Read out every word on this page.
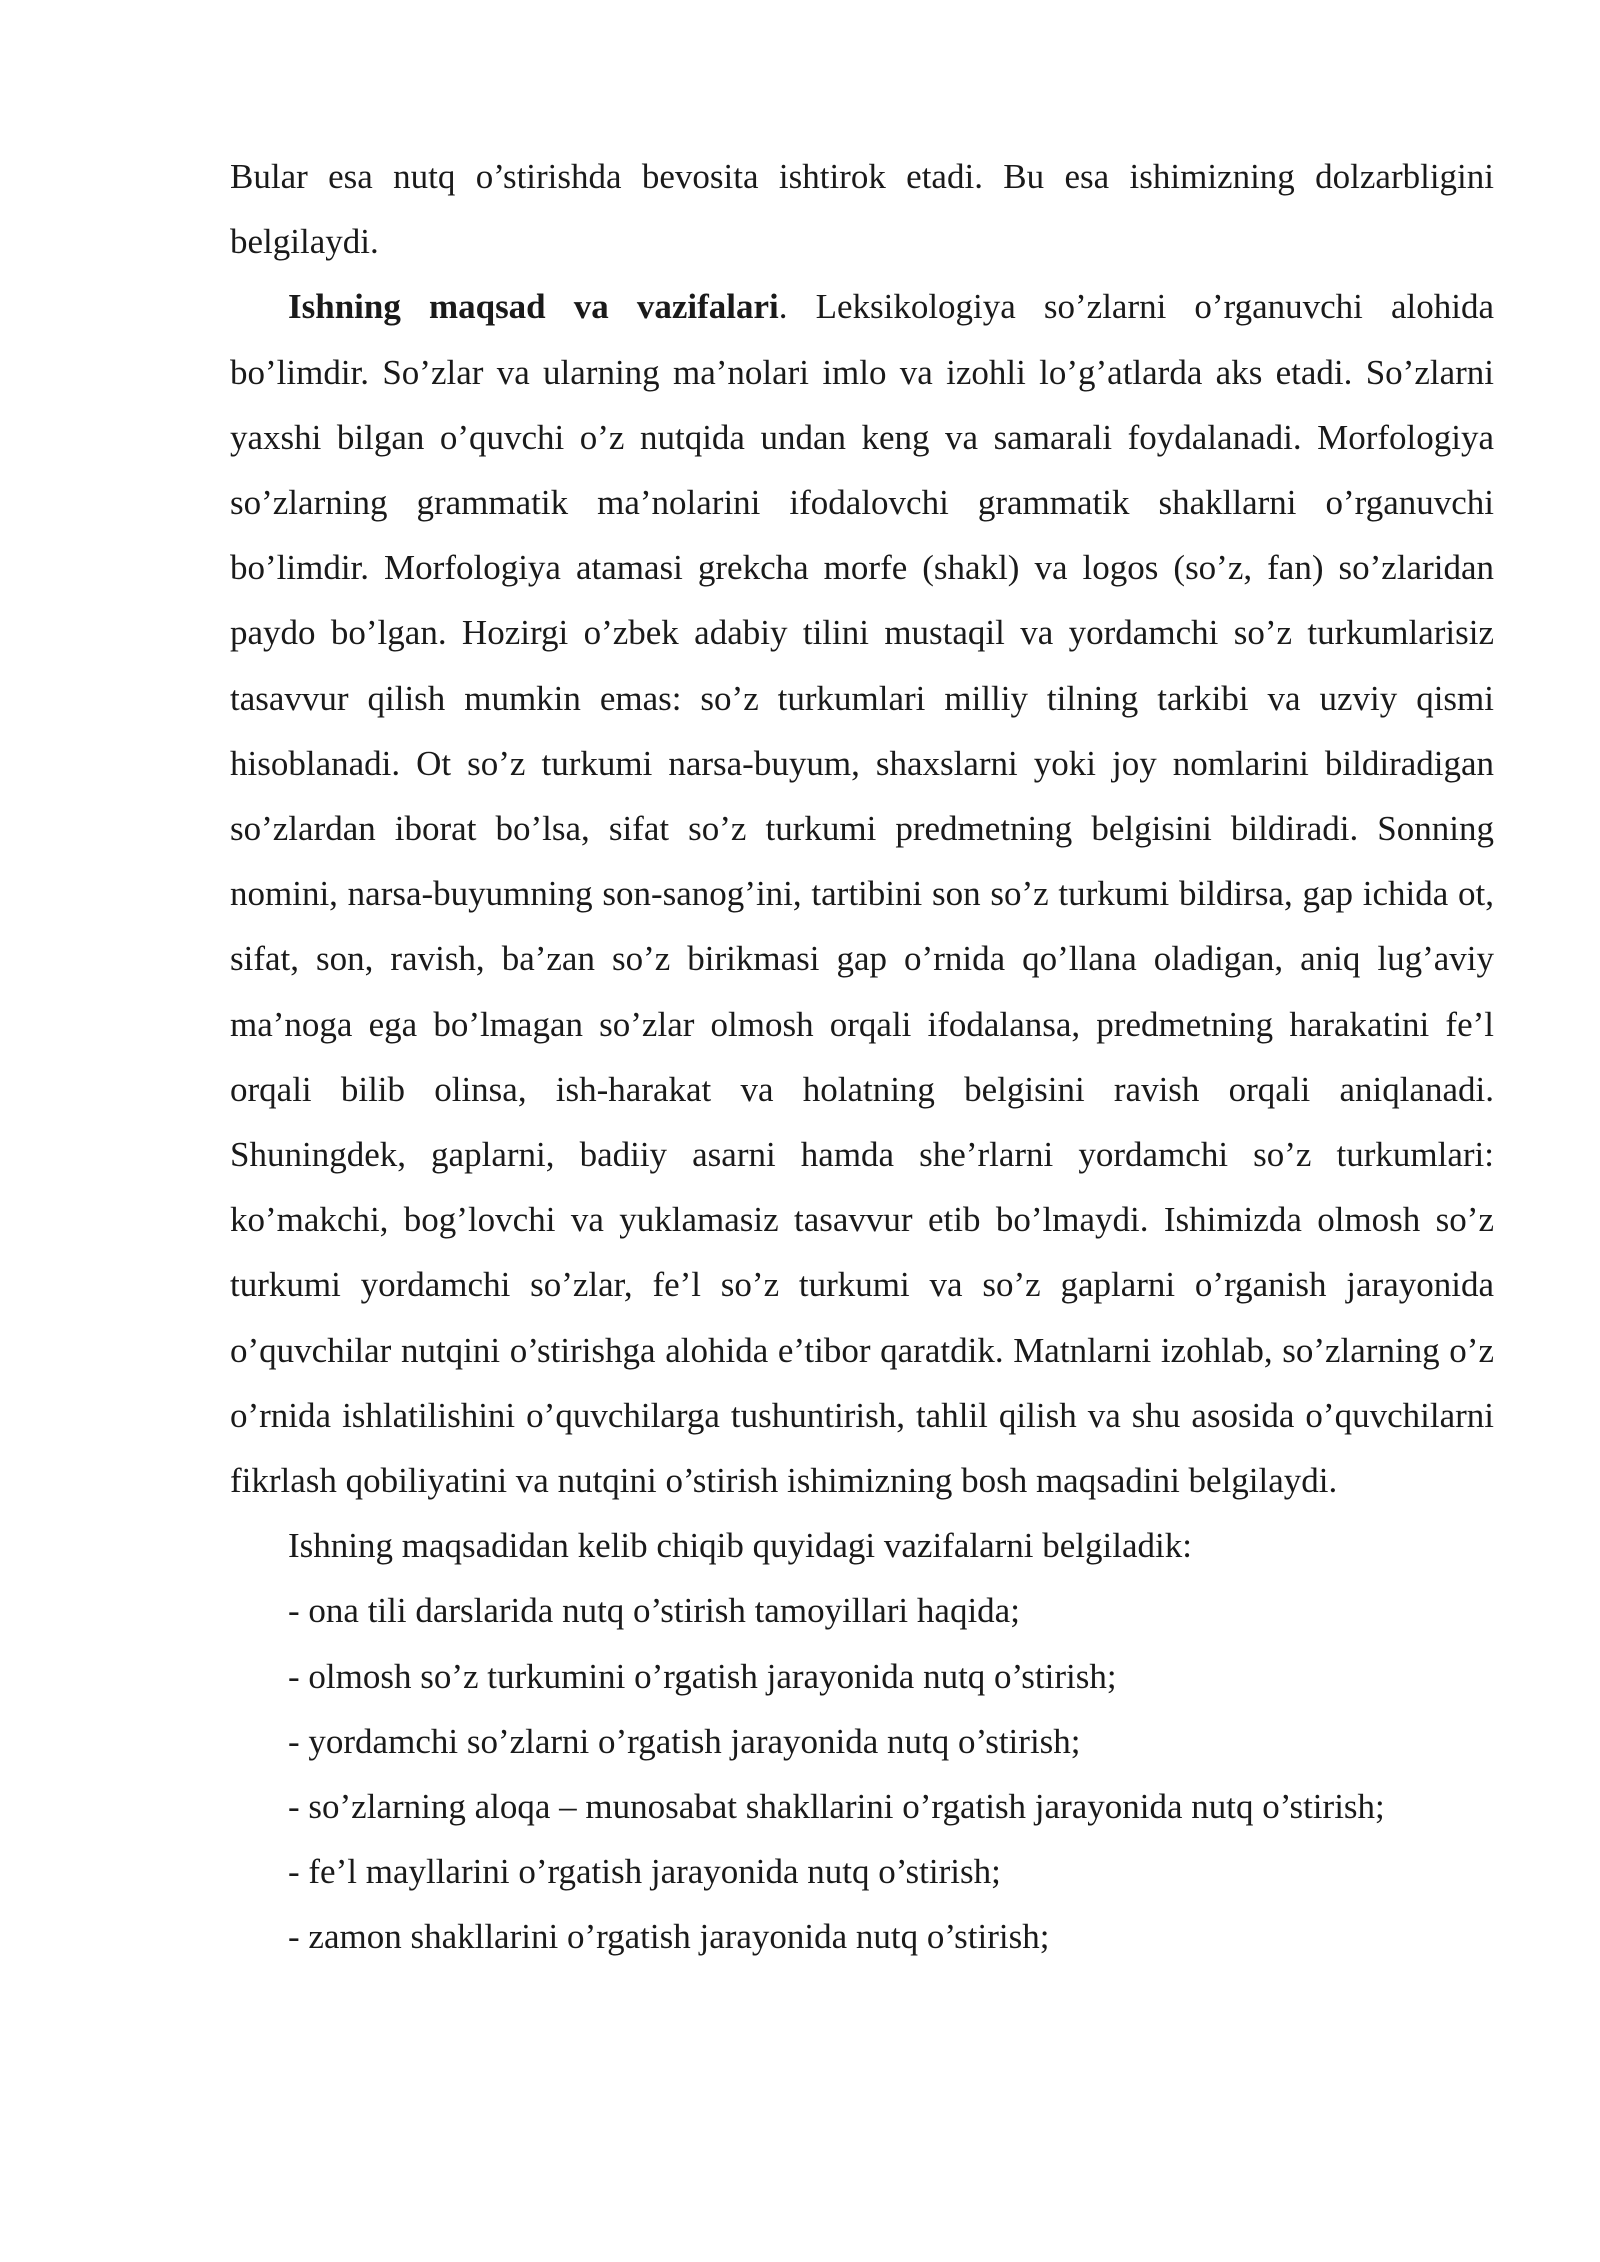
Bular esa nutq o’stirishda bevosita ishtirok etadi. Bu esa ishimizning dolzarbligini belgilaydi.

Ishning maqsad va vazifalari. Leksikologiya so’zlarni o’rganuvchi alohida bo’limdir. So’zlar va ularning ma’nolari imlo va izohli lo’g’atlarda aks etadi. So’zlarni yaxshi bilgan o’quvchi o’z nutqida undan keng va samarali foydalanadi. Morfologiya so’zlarning grammatik ma’nolarini ifodalovchi grammatik shakllarni o’rganuvchi bo’limdir. Morfologiya atamasi grekcha morfe (shakl) va logos (so’z, fan) so’zlaridan paydo bo’lgan. Hozirgi o’zbek adabiy tilini mustaqil va yordamchi so’z turkumlarisiz tasavvur qilish mumkin emas: so’z turkumlari milliy tilning tarkibi va uzviy qismi hisoblanadi. Ot so’z turkumi narsa-buyum, shaxslarni yoki joy nomlarini bildiradigan so’zlardan iborat bo’lsa, sifat so’z turkumi predmetning belgisini bildiradi. Sonning nomini, narsa-buyumning son-sanog’ini, tartibini son so’z turkumi bildirsa, gap ichida ot, sifat, son, ravish, ba’zan so’z birikmasi gap o’rnida qo’llana oladigan, aniq lug’aviy ma’noga ega bo’lmagan so’zlar olmosh orqali ifodalansa, predmetning harakatini fe’l orqali bilib olinsa, ish-harakat va holatning belgisini ravish orqali aniqlanadi. Shuningdek, gaplarni, badiiy asarni hamda she’rlarni yordamchi so’z turkumlari: ko’makchi, bog’lovchi va yuklamasiz tasavvur etib bo’lmaydi. Ishimizda olmosh so’z turkumi yordamchi so’zlar, fe’l so’z turkumi va so’z gaplarni o’rganish jarayonida o’quvchilar nutqini o’stirishga alohida e’tibor qaratdik. Matnlarni izohlab, so’zlarning o’z o’rnida ishlatilishini o’quvchilarga tushuntirish, tahlil qilish va shu asosida o’quvchilarni fikrlash qobiliyatini va nutqini o’stirish ishimizning bosh maqsadini belgilaydi.

Ishning maqsadidan kelib chiqib quyidagi vazifalarni belgiladik:

- ona tili darslarida nutq o’stirish tamoyillari haqida;
- olmosh so’z turkumini o’rgatish jarayonida nutq o’stirish;
- yordamchi so’zlarni o’rgatish jarayonida nutq o’stirish;
- so’zlarning aloqa – munosabat shakllarini o’rgatish jarayonida nutq o’stirish;
- fe’l mayllarini o’rgatish jarayonida nutq o’stirish;
- zamon shakllarini o’rgatish jarayonida nutq o’stirish;
